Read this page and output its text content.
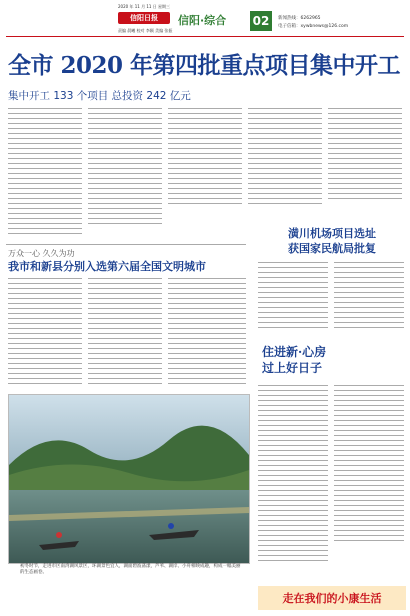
2020 年 11 月 11 日 星期三
信阳日报	信阳·综合 02
责编 晨曦 校对 李颖 美编 张振
新闻热线：6262965
电子信箱：xywbnews@126.com
全市 2020 年第四批重点项目集中开工
集中开工 133 个项目 总投资 242 亿元
万众一心 久久为功
我市和新县分别入选第六届全国文明城市
潢川机场项目选址
获国家民航局批复
住进新·心房
过上好日子
初冬时节，走进市区南湾湖风景区，环湖景色宜人，湖面碧波荡漾，芦苇、湖岸、小舟相映成趣，构成一幅美丽的生态画卷。
走在我们的小康生活
